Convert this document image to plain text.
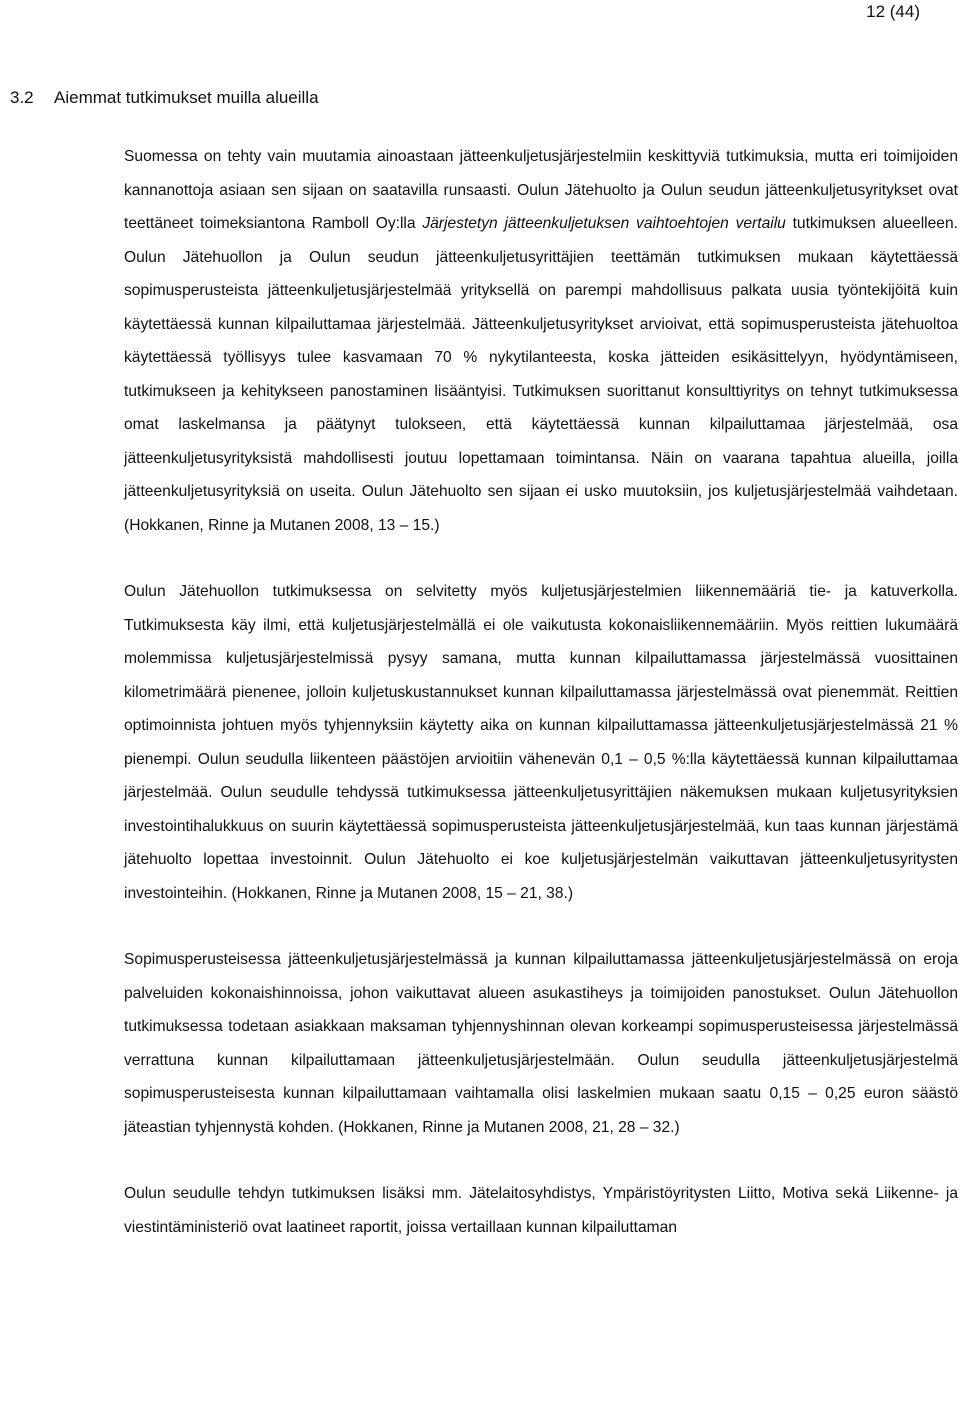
12 (44)
3.2 Aiemmat tutkimukset muilla alueilla

Suomessa on tehty vain muutamia ainoastaan jätteenkuljetusjärjestelmiin keskittyviä tutkimuksia, mutta eri toimijoiden kannanottoja asiaan sen sijaan on saatavilla runsaasti. Oulun Jätehuolto ja Oulun seudun jätteenkuljetusyritykset ovat teettäneet toimeksiantona Ramboll Oy:lla Järjestetyn jätteenkuljetuksen vaihtoehtojen vertailu tutkimuksen alueelleen. Oulun Jätehuollon ja Oulun seudun jätteenkuljetusyrittäjien teettämän tutkimuksen mukaan käytettäessä sopimusperusteista jätteenkuljetusjärjestelmää yrityksellä on parempi mahdollisuus palkata uusia työntekijöitä kuin käytettäessä kunnan kilpailuttamaa järjestelmää. Jätteenkuljetusyritykset arvioivat, että sopimusperusteista jätehuoltoa käytettäessä työllisyys tulee kasvamaan 70 % nykytilanteesta, koska jätteiden esikäsittelyyn, hyödyntämiseen, tutkimukseen ja kehitykseen panostaminen lisääntyisi. Tutkimuksen suorittanut konsulttiyritys on tehnyt tutkimuksessa omat laskelmansa ja päätynyt tulokseen, että käytettäessä kunnan kilpailuttamaa järjestelmää, osa jätteenkuljetusyrityksistä mahdollisesti joutuu lopettamaan toimintansa. Näin on vaarana tapahtua alueilla, joilla jätteenkuljetusyrityksiä on useita. Oulun Jätehuolto sen sijaan ei usko muutoksiin, jos kuljetusjärjestelmää vaihdetaan. (Hokkanen, Rinne ja Mutanen 2008, 13 – 15.)

Oulun Jätehuollon tutkimuksessa on selvitetty myös kuljetusjärjestelmien liikennemääriä tie- ja katuverkolla. Tutkimuksesta käy ilmi, että kuljetusjärjestelmällä ei ole vaikutusta kokonaisliikennemääriin. Myös reittien lukumäärä molemmissa kuljetusjärjestelmissä pysyy samana, mutta kunnan kilpailuttamassa järjestelmässä vuosittainen kilometrimäärä pienenee, jolloin kuljetuskustannukset kunnan kilpailuttamassa järjestelmässä ovat pienemmät. Reittien optimoinnista johtuen myös tyhjennyksiin käytetty aika on kunnan kilpailuttamassa jätteenkuljetusjärjestelmässä 21 % pienempi. Oulun seudulla liikenteen päästöjen arvioitiin vähenevän 0,1 – 0,5 %:lla käytettäessä kunnan kilpailuttamaa järjestelmää. Oulun seudulle tehdyssä tutkimuksessa jätteenkuljetusyrittäjien näkemuksen mukaan kuljetusyrityksien investointihalukkuus on suurin käytettäessä sopimusperusteista jätteenkuljetusjärjestelmää, kun taas kunnan järjestämä jätehuolto lopettaa investoinnit. Oulun Jätehuolto ei koe kuljetusjärjestelmän vaikuttavan jätteenkuljetusyritysten investointeihin. (Hokkanen, Rinne ja Mutanen 2008, 15 – 21, 38.)

Sopimusperusteisessa jätteenkuljetusjärjestelmässä ja kunnan kilpailuttamassa jätteenkuljetusjärjestelmässä on eroja palveluiden kokonaishinnoissa, johon vaikuttavat alueen asukastiheys ja toimijoiden panostukset. Oulun Jätehuollon tutkimuksessa todetaan asiakkaan maksaman tyhjennyshinnan olevan korkeampi sopimusperusteisessa järjestelmässä verrattuna kunnan kilpailuttamaan jätteenkuljetusjärjestelmään. Oulun seudulla jätteenkuljetusjärjestelmä sopimusperusteisesta kunnan kilpailuttamaan vaihtamalla olisi laskelmien mukaan saatu 0,15 – 0,25 euron säästö jäteastian tyhjennystä kohden. (Hokkanen, Rinne ja Mutanen 2008, 21, 28 – 32.)

Oulun seudulle tehdyn tutkimuksen lisäksi mm. Jätelaitosyhdistys, Ympäristöyritysten Liitto, Motiva sekä Liikenne- ja viestintäministeriö ovat laatineet raportit, joissa vertaillaan kunnan kilpailuttaman
